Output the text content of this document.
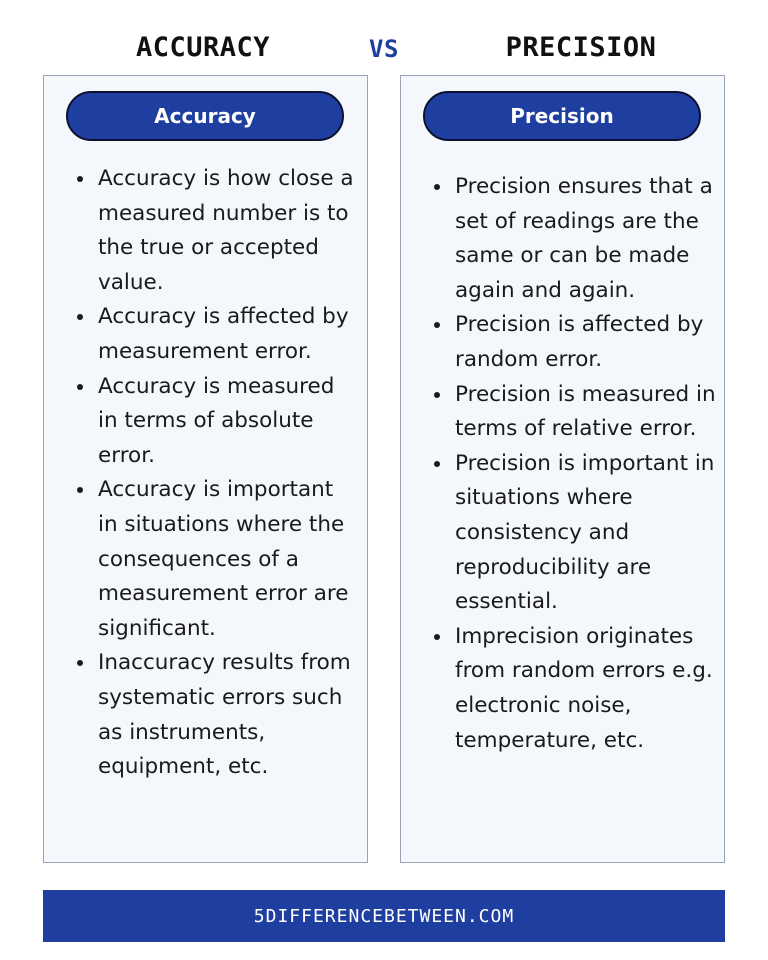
ACCURACY	VS	PRECISION
Accuracy
• Accuracy is how close a measured number is to the true or accepted value.
• Accuracy is affected by measurement error.
• Accuracy is measured in terms of absolute error.
• Accuracy is important in situations where the consequences of a measurement error are significant.
• Inaccuracy results from systematic errors such as instruments, equipment, etc.
Precision
• Precision ensures that a set of readings are the same or can be made again and again.
• Precision is affected by random error.
• Precision is measured in terms of relative error.
• Precision is important in situations where consistency and reproducibility are essential.
• Imprecision originates from random errors e.g. electronic noise, temperature, etc.
5DIFFERENCEBETWEEN.COM
